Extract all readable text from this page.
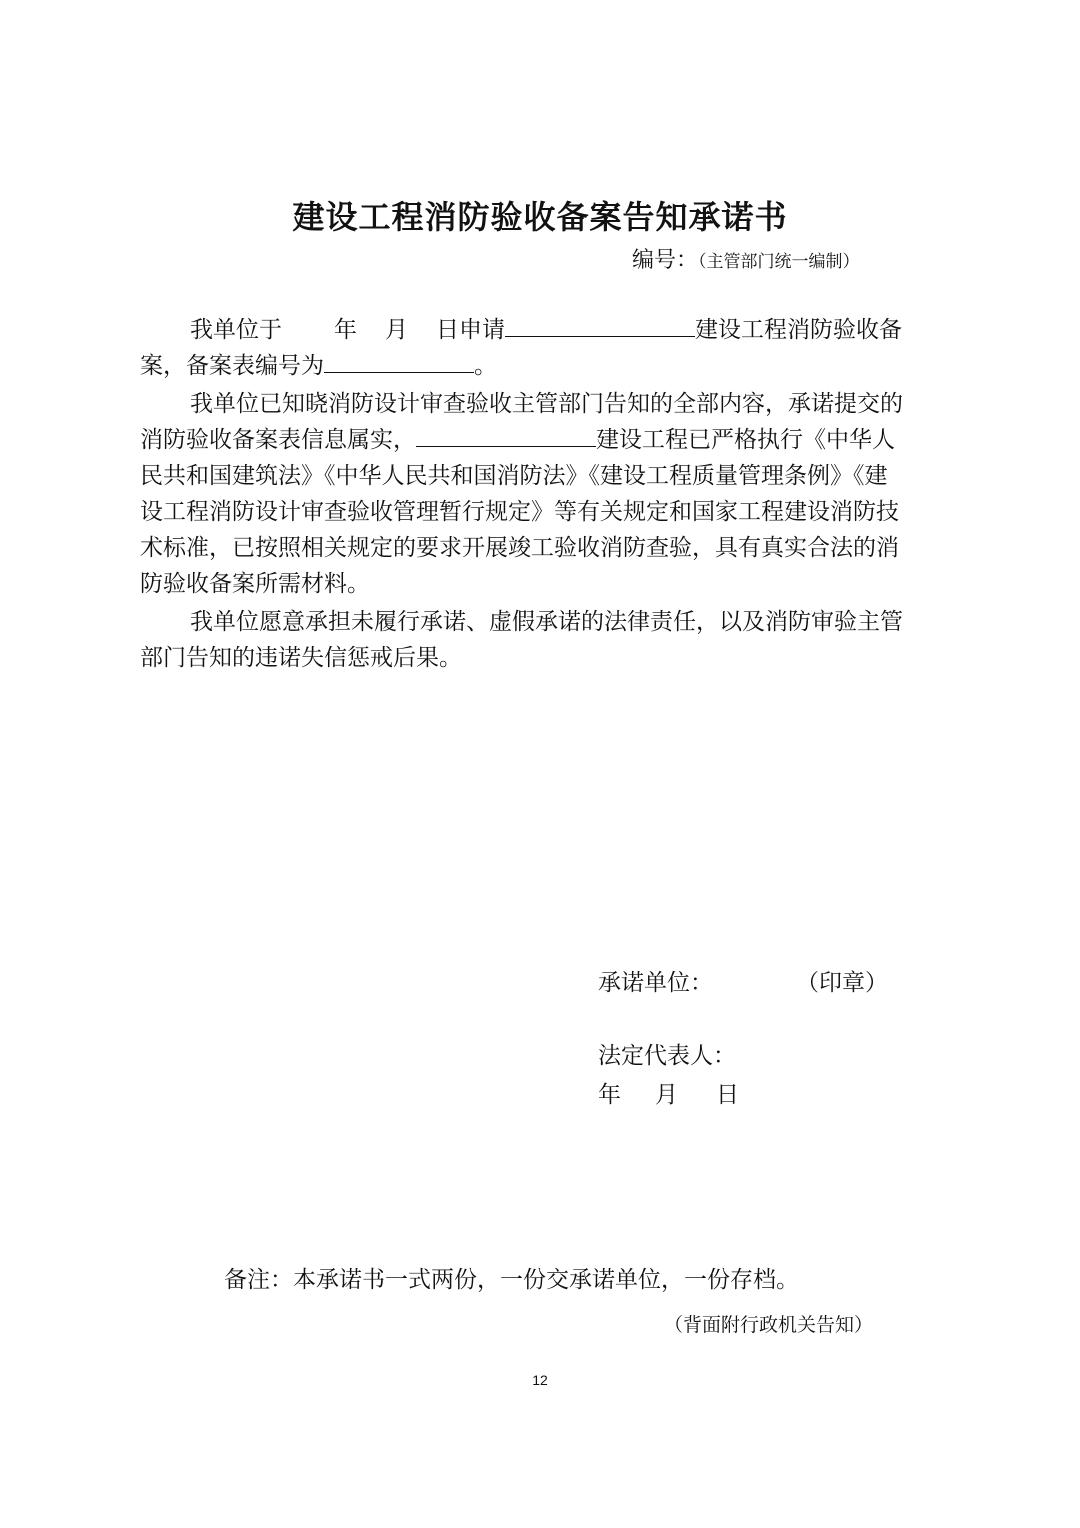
建设工程消防验收备案告知承诺书
编号：（主管部门统一编制）
我单位于 年 月 日申请	建设工程消防验收备
案，备案表编号为	。
我单位已知晓消防设计审查验收主管部门告知的全部内容，承诺提交的
消防验收备案表信息属实，	建设工程已严格执行《中华人
民共和国建筑法》《中华人民共和国消防法》《建设工程质量管理条例》《建
设工程消防设计审查验收管理暂行规定》等有关规定和国家工程建设消防技
术标准，已按照相关规定的要求开展竣工验收消防查验，具有真实合法的消
防验收备案所需材料。
我单位愿意承担未履行承诺、虚假承诺的法律责任，以及消防审验主管
部门告知的违诺失信惩戒后果。
承诺单位：	（印章）
法定代表人：
年 月 日
备注：本承诺书一式两份，一份交承诺单位，一份存档。
（背面附行政机关告知）
12
